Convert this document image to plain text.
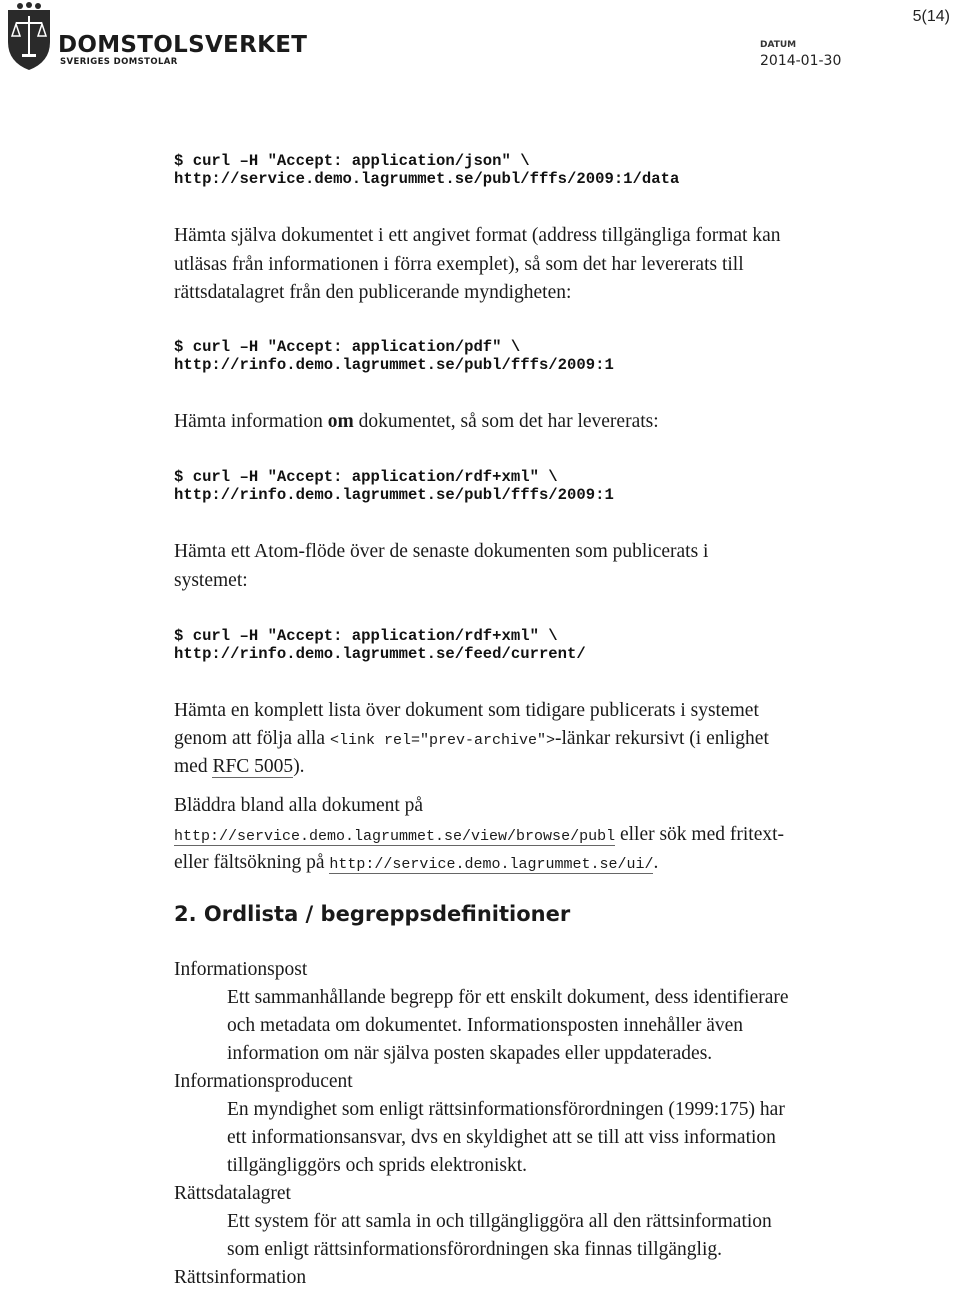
DOMSTOLSVERKET
SVERIGES DOMSTOLAR
5(14)
DATUM
2014-01-30
$ curl –H "Accept: application/json" \
http://service.demo.lagrummet.se/publ/fffs/2009:1/data
Hämta själva dokumentet i ett angivet format (address tillgängliga format kan
utläsas från informationen i förra exemplet), så som det har levererats till
rättsdatalagret från den publicerande myndigheten:
$ curl –H "Accept: application/pdf" \
http://rinfo.demo.lagrummet.se/publ/fffs/2009:1
Hämta information om dokumentet, så som det har levererats:
$ curl –H "Accept: application/rdf+xml" \
http://rinfo.demo.lagrummet.se/publ/fffs/2009:1
Hämta ett Atom-flöde över de senaste dokumenten som publicerats i
systemet:
$ curl –H "Accept: application/rdf+xml" \
http://rinfo.demo.lagrummet.se/feed/current/
Hämta en komplett lista över dokument som tidigare publicerats i systemet
genom att följa alla <link rel="prev-archive">-länkar rekursivt (i enlighet
med RFC 5005).
Bläddra bland alla dokument på
http://service.demo.lagrummet.se/view/browse/publ eller sök med fritext-
eller fältsökning på http://service.demo.lagrummet.se/ui/.
2. Ordlista / begreppsdefinitioner
Informationspost
Ett sammanhållande begrepp för ett enskilt dokument, dess identifierare
och metadata om dokumentet. Informationsposten innehåller även
information om när själva posten skapades eller uppdaterades.
Informationsproducent
En myndighet som enligt rättsinformationsförordningen (1999:175) har
ett informationsansvar, dvs en skyldighet att se till att viss information
tillgängliggörs och sprids elektroniskt.
Rättsdatalagret
Ett system för att samla in och tillgängliggöra all den rättsinformation
som enligt rättsinformationsförordningen ska finnas tillgänglig.
Rättsinformation
